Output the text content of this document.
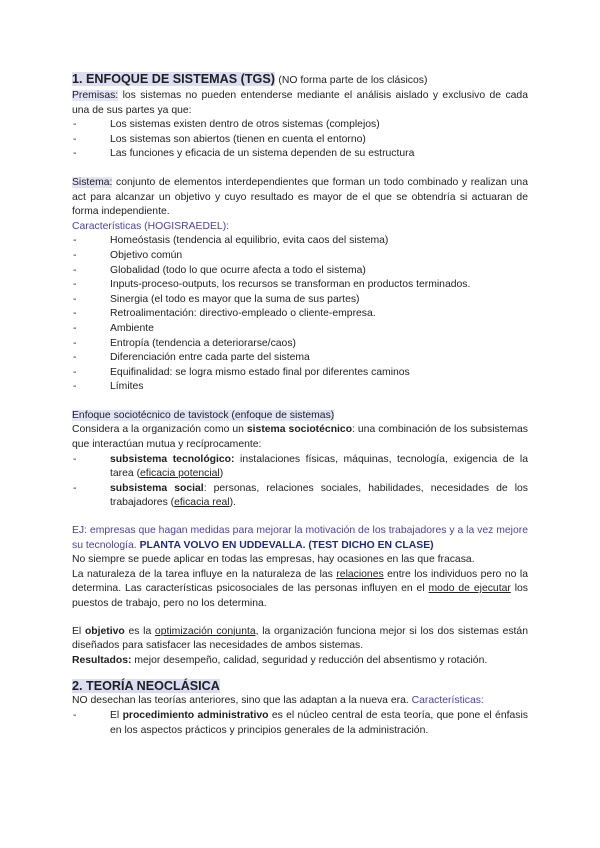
1. ENFOQUE DE SISTEMAS (TGS) (NO forma parte de los clásicos)
Premisas: los sistemas no pueden entenderse mediante el análisis aislado y exclusivo de cada una de sus partes ya que:
- Los sistemas existen dentro de otros sistemas (complejos)
- Los sistemas son abiertos (tienen en cuenta el entorno)
- Las funciones y eficacia de un sistema dependen de su estructura
Sistema: conjunto de elementos interdependientes que forman un todo combinado y realizan una act para alcanzar un objetivo y cuyo resultado es mayor de el que se obtendría si actuaran de forma independiente.
Características (HOGISRAEDEL):
- Homeóstasis (tendencia al equilibrio, evita caos del sistema)
- Objetivo común
- Globalidad (todo lo que ocurre afecta a todo el sistema)
- Inputs-proceso-outputs, los recursos se transforman en productos terminados.
- Sinergia (el todo es mayor que la suma de sus partes)
- Retroalimentación: directivo-empleado o cliente-empresa.
- Ambiente
- Entropía (tendencia a deteriorarse/caos)
- Diferenciación entre cada parte del sistema
- Equifinalidad: se logra mismo estado final por diferentes caminos
- Límites
Enfoque sociotécnico de tavistock (enfoque de sistemas)
Considera a la organización como un sistema sociotécnico: una combinación de los subsistemas que interactúan mutua y recíprocamente:
- subsistema tecnológico: instalaciones físicas, máquinas, tecnología, exigencia de la tarea (eficacia potencial)
- subsistema social: personas, relaciones sociales, habilidades, necesidades de los trabajadores (eficacia real).
EJ: empresas que hagan medidas para mejorar la motivación de los trabajadores y a la vez mejore su tecnología. PLANTA VOLVO EN UDDEVALLA. (TEST DICHO EN CLASE)
No siempre se puede aplicar en todas las empresas, hay ocasiones en las que fracasa.
La naturaleza de la tarea influye en la naturaleza de las relaciones entre los individuos pero no la determina. Las características psicosociales de las personas influyen en el modo de ejecutar los puestos de trabajo, pero no los determina.
El objetivo es la optimización conjunta, la organización funciona mejor si los dos sistemas están diseñados para satisfacer las necesidades de ambos sistemas.
Resultados: mejor desempeño, calidad, seguridad y reducción del absentismo y rotación.
2. TEORÍA NEOCLÁSICA
NO desechan las teorías anteriores, sino que las adaptan a la nueva era. Características:
- El procedimiento administrativo es el núcleo central de esta teoría, que pone el énfasis en los aspectos prácticos y principios generales de la administración.
